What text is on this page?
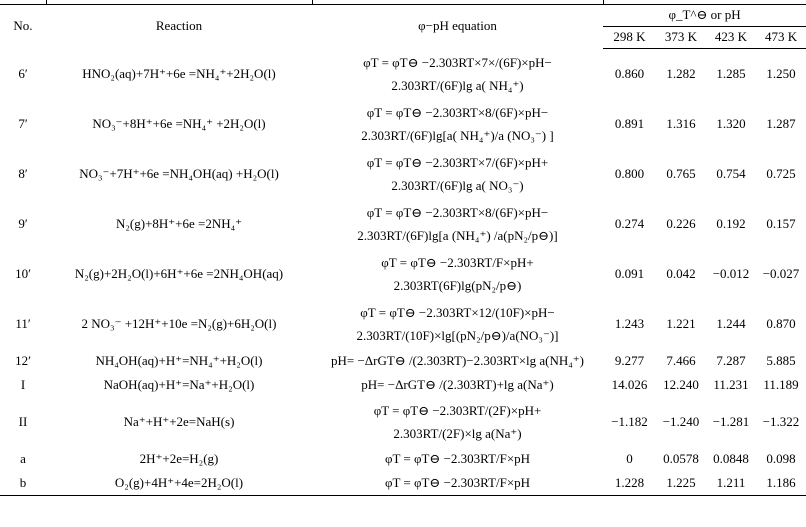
No.	Reaction	φ−pH equation	φ_T^⊖ or pH			
			298 K	373 K	423 K	473 K
6′	HNO₂(aq)+7H⁺+6e =NH₄⁺+2H₂O(l)	φT = φT⊖ −2.303RT×7×/(6F)×pH−
2.303RT/(6F)lg a( NH₄⁺)	0.860	1.282	1.285	1.250
7′	NO₃⁻+8H⁺+6e =NH₄⁺ +2H₂O(l)	φT = φT⊖ −2.303RT×8/(6F)×pH−
2.303RT/(6F)lg[a( NH₄⁺)/a (NO₃⁻) ]	0.891	1.316	1.320	1.287
8′	NO₃⁻+7H⁺+6e =NH₄OH(aq) +H₂O(l)	φT = φT⊖ −2.303RT×7/(6F)×pH+
2.303RT/(6F)lg a( NO₃⁻)	0.800	0.765	0.754	0.725
9′	N₂(g)+8H⁺+6e =2NH₄⁺	φT = φT⊖ −2.303RT×8/(6F)×pH−
2.303RT/(6F)lg[a (NH₄⁺) /a(pN₂/p⊖)]	0.274	0.226	0.192	0.157
10′	N₂(g)+2H₂O(l)+6H⁺+6e =2NH₄OH(aq)	φT = φT⊖ −2.303RT/F×pH+
2.303RT(6F)lg(pN₂/p⊖)	0.091	0.042	−0.012	−0.027
11′	2 NO₃⁻ +12H⁺+10e =N₂(g)+6H₂O(l)	φT = φT⊖ −2.303RT×12/(10F)×pH−
2.303RT/(10F)×lg[(pN₂/p⊖)/a(NO₃⁻)]	1.243	1.221	1.244	0.870
12′	NH₄OH(aq)+H⁺=NH₄⁺+H₂O(l)	pH= −ΔrGT⊖ /(2.303RT)−2.303RT×lg a(NH₄⁺)	9.277	7.466	7.287	5.885
I	NaOH(aq)+H⁺=Na⁺+H₂O(l)	pH= −ΔrGT⊖ /(2.303RT)+lg a(Na⁺)	14.026	12.240	11.231	11.189
II	Na⁺+H⁺+2e=NaH(s)	φT = φT⊖ −2.303RT/(2F)×pH+
2.303RT/(2F)×lg a(Na⁺)	−1.182	−1.240	−1.281	−1.322
a	2H⁺+2e=H₂(g)	φT = φT⊖ −2.303RT/F×pH	0	0.0578	0.0848	0.098
b	O₂(g)+4H⁺+4e=2H₂O(l)	φT = φT⊖ −2.303RT/F×pH	1.228	1.225	1.211	1.186
